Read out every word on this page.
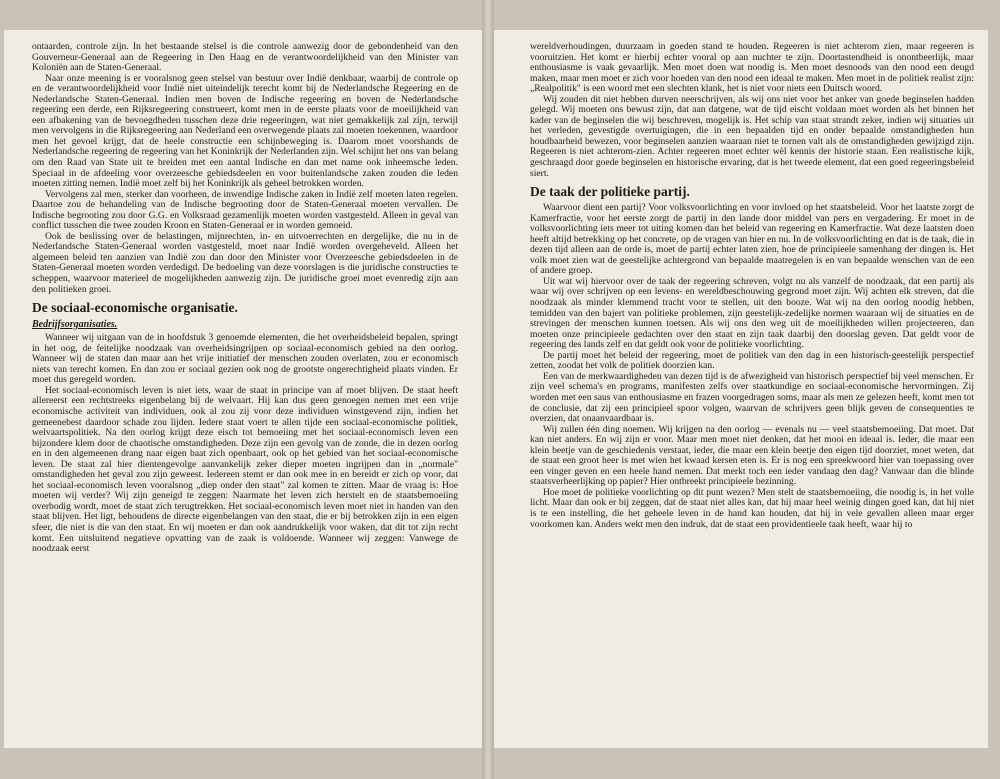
ontaarden, controle zijn. In het bestaande stelsel is die controle aanwezig door de gebondenheid van den Gouverneur-Generaal aan de Regeering in Den Haag en de verantwoordelijkheid van den Minister van Koloniën aan de Staten-Generaal.

Naar onze meening is er vooralsnog geen stelsel van bestuur over Indië denkbaar, waarbij de controle op en de verantwoordelijkheid voor Indië niet uiteindelijk terecht komt bij de Nederlandsche Regeering en de Nederlandsche Staten-Generaal. Indien men boven de Indische regeering en boven de Nederlandsche regeering een derde, een Rijksregeering construeert, komt men in de eerste plaats voor de moeilijkheid van een afbakening van de bevoegdheden tusschen deze drie regeeringen, wat niet gemakkelijk zal zijn, terwijl men vervolgens in die Rijksregeering aan Nederland een overwegende plaats zal moeten toekennen, waardoor men het gevoel krijgt, dat de heele constructie een schijnbeweging is. Daarom moet voorshands de Nederlandsche regeering de regeering van het Koninkrijk der Nederlanden zijn. Wel schijnt het ons van belang om den Raad van State uit te breiden met een aantal Indische en dan met name ook inheemsche leden. Speciaal in de afdeeling voor overzeesche gebiedsdeelen en voor buitenlandsche zaken zouden die leden moeten zitting nemen. Indië moet zelf bij het Koninkrijk als geheel betrokken worden.

Vervolgens zal men, sterker dan voorheen, de inwendige Indische zaken in Indië zelf moeten laten regelen. Daartoe zou de behandeling van de Indische begrooting door de Staten-Generaal moeten vervallen. De Indische begrooting zou door G.G. en Volksraad gezamenlijk moeten worden vastgesteld. Alleen in geval van conflict tusschen die twee zouden Kroon en Staten-Generaal er in worden gemoeid.

Ook de beslissing over de belastingen, mijnrechten, in- en uitvoerrechten en dergelijke, die nu in de Nederlandsche Staten-Generaal worden vastgesteld, moet naar Indië worden overgeheveld. Alleen het algemeen beleid ten aanzien van Indië zou dan door den Minister voor Overzeesche gebiedsdeelen in de Staten-Generaal moeten worden verdedigd. De bedoeling van deze voorslagen is die juridische constructies te scheppen, waarvoor materieel de mogelijkheden aanwezig zijn. De juridische groei moet evenredig zijn aan den politieken groei.

De sociaal-economische organisatie.
Bedrijfsorganisaties.

Wanneer wij uitgaan van de in hoofdstuk 3 genoemde elementen, die het overheidsbeleid bepalen, springt in het oog, de feitelijke noodzaak van overheidsingrijpen op sociaal-economisch gebied na den oorlog. Wanneer wij de staten dan maar aan het vrije initiatief der menschen zouden overlaten, zou er economisch niets van terecht komen. En dan zou er sociaal gezien ook nog de grootste ongerechtigheid plaats vinden. Er moet dus geregeld worden.

Het sociaal-economisch leven is niet iets, waar de staat in principe van af moet blijven. De staat heeft allereerst een rechtstreeks eigenbelang bij de welvaart. Hij kan dus geen genoegen nemen met een vrije economische activiteit van individuen, ook al zou zij voor deze individuen winstgevend zijn, indien het gemeenebest daardoor schade zou lijden. Iedere staat voert te allen tijde een sociaal-economische politiek, welvaartspolitiek. Na den oorlog krijgt deze eisch tot bemoeiing met het sociaal-economisch leven een bijzondere klem door de chaotische omstandigheden. Deze zijn een gevolg van de zonde, die in dezen oorlog en in den algemeenen drang naar eigen baat zich openbaart, ook op het gebied van het sociaal-economische leven. De staat zal hier dientengevolge aanvankelijk zeker dieper moeten ingrijpen dan in „normale" omstandigheden het geval zou zijn geweest. Iedereen stemt er dan ook mee in en bereidt er zich op voor, dat het sociaal-economisch leven vooralsnog „diep onder den staat" zal komen te zitten. Maar de vraag is: Hoe moeten wij verder? Wij zijn geneigd te zeggen: Naarmate het leven zich herstelt en de staatsbemoeiing overbodig wordt, moet de staat zich terugtrekken. Het sociaal-economisch leven moet niet in handen van den staat blijven. Het ligt, behoudens de directe eigenbelangen van den staat, die er bij betrokken zijn in een eigen sfeer, die niet is die van den staat. En wij moeten er dan ook aandrukkelijk voor waken, dat dit tot zijn recht komt. Een uitsluitend negatieve opvatting van de zaak is voldoende. Wanneer wij zeggen: Vanwege de noodzaak eerst

wereldverhoudingen, duurzaam in goeden stand te houden. Regeeren is niet achterom zien, maar regeeren is vooruitzien. Het komt er hierbij echter vooral op aan nuchter te zijn. Doortastendheid is onontbeerlijk, maar enthousiasme is vaak gevaarlijk. Men moet doen wat noodig is. Men moet desnoods van den nood een deugd maken, maar men moet er zich voor hoeden van den nood een ideaal te maken. Men moet in de politiek realist zijn: „Realpolitik" is een woord met een slechten klank, het is niet voor niets een Duitsch woord.

Wij zouden dit niet hebben durven neerschrijven, als wij ons niet voor het anker van goede beginselen hadden gelegd. Wij moeten ons bewust zijn, dat aan datgene, wat de tijd eischt voldaan moet worden als het binnen het kader van de beginselen die wij beschreven, mogelijk is. Het schip van staat strandt zeker, indien wij situaties uit het verleden, gevestigde overtuigingen, die in een bepaalden tijd en onder bepaalde omstandigheden hun houdbaarheid bewezen, voor beginselen aanzien waaraan niet te tornen valt als de omstandigheden gewijzigd zijn. Regeeren is niet achterom-zien. Achter regeeren moet echter wèl kennis der historie staan. Een realistische kijk, geschraagd door goede beginselen en historische ervaring, dat is het tweede element, dat een goed regeeringsbeleid siert.

De taak der politieke partij.

Waarvoor dient een partij? Voor volksvoorlichting en voor invloed op het staatsbeleid. Voor het laatste zorgt de Kamerfractie, voor het eerste zorgt de partij in den lande door middel van pers en vergadering. Er moet in de volksvoorlichting iets meer tot uiting komen dan het beleid van regeering en Kamerfractie. Wat deze laatsten doen heeft altijd betrekking op het concrete, op de vragen van hier en nu. In de volksvoorlichting en dat is de taak, die in dezen tijd alleen aan de orde is, moet de partij echter laten zien, hoe de principieele samenhang der dingen is. Het volk moet zien wat de geestelijke achtergrond van bepaalde maatregelen is en van bepaalde wenschen van de een of andere groep.

Uit wat wij hiervoor over de taak der regeering schreven, volgt nu als vanzelf de noodzaak, dat een partij als waar wij over schrijven op een levens- en wereldbeschouwing gegrond moet zijn. Wij achten elk streven, dat die noodzaak als minder klemmend tracht voor te stellen, uit den booze. Wat wij na den oorlog noodig hebben, temidden van den bajert van politieke problemen, zijn geestelijk-zedelijke normen waaraan wij de situaties en de strevingen der menschen kunnen toetsen. Als wij ons den weg uit de moeilijkheden willen projecteeren, dan moeten onze principieele gedachten over den staat en zijn taak daarbij den doorslag geven. Dat geldt voor de regeering des lands zelf en dat geldt ook voor de politieke voorlichting.

De partij moet het beleid der regeering, moet de politiek van den dag in een historisch-geestelijk perspectief zetten, zoodat het volk de politiek doorzien kan.

Een van de merkwaardigheden van dezen tijd is de afwezigheid van historisch perspectief bij veel menschen. Er zijn veel schema's en programs, manifesten zelfs over staatkundige en sociaal-economische hervormingen. Zij worden met een saus van enthousiasme en frazen voorgedragen soms, maar als men ze gelezen heeft, komt men tot de conclusie, dat zij een principieel spoor volgen, waarvan de schrijvers geen blijk geven de consequenties te overzien, dat onaanvaardbaar is.

Wij zullen één ding noemen. Wij krijgen na den oorlog — evenals nu — veel staatsbemoeiing. Dat moet. Dat kan niet anders. En wij zijn er voor. Maar men moet niet denken, dat het mooi en ideaal is. Ieder, die maar een klein beetje van de geschiedenis verstaat, ieder, die maar een klein beetje den eigen tijd doorziet, moet weten, dat de staat een groot heer is met wien het kwaad kersen eten is. Er is nog een spreekwoord hier van toepassing over een vinger geven en een heele hand nemen. Dat merkt toch een ieder vandaag den dag? Vanwaar dan die blinde staatsverheerlijking op papier? Hier ontbreekt principieele bezinning.

Hoe moet de politieke voorlichting op dit punt wezen? Men stelt de staatsbemoeiing, die noodig is, in het volle licht. Maar dan ook er bij zeggen, dat de staat niet alles kan, dat hij maar heel weinig dingen goed kan, dat hij niet is te een instelling, die het geheele leven in de hand kan houden, dat hij in vele gevallen alleen maar erger voorkomen kan. Anders wekt men den indruk, dat de staat een providentieele taak heeft, waar hij to
